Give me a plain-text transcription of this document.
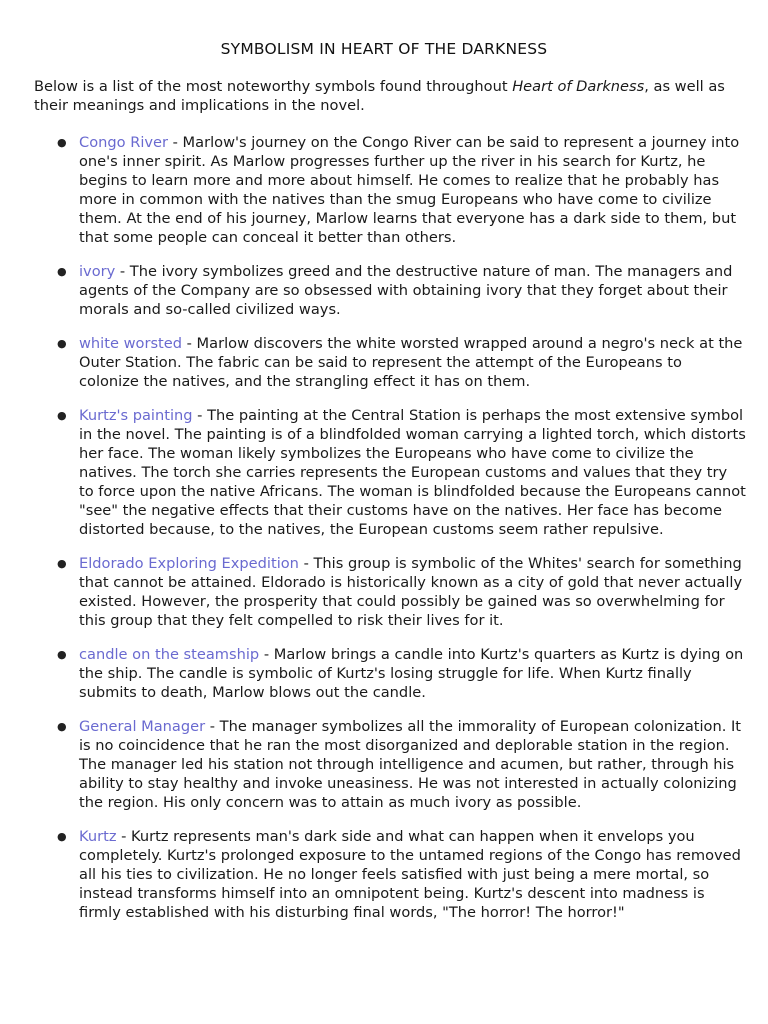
SYMBOLISM IN HEART OF THE DARKNESS

Below is a list of the most noteworthy symbols found throughout Heart of Darkness, as well as their meanings and implications in the novel.

● Congo River - Marlow's journey on the Congo River can be said to represent a journey into one's inner spirit. As Marlow progresses further up the river in his search for Kurtz, he begins to learn more and more about himself. He comes to realize that he probably has more in common with the natives than the smug Europeans who have come to civilize them. At the end of his journey, Marlow learns that everyone has a dark side to them, but that some people can conceal it better than others.
● ivory - The ivory symbolizes greed and the destructive nature of man. The managers and agents of the Company are so obsessed with obtaining ivory that they forget about their morals and so-called civilized ways.
● white worsted - Marlow discovers the white worsted wrapped around a negro's neck at the Outer Station. The fabric can be said to represent the attempt of the Europeans to colonize the natives, and the strangling effect it has on them.
● Kurtz's painting - The painting at the Central Station is perhaps the most extensive symbol in the novel. The painting is of a blindfolded woman carrying a lighted torch, which distorts her face. The woman likely symbolizes the Europeans who have come to civilize the natives. The torch she carries represents the European customs and values that they try to force upon the native Africans. The woman is blindfolded because the Europeans cannot "see" the negative effects that their customs have on the natives. Her face has become distorted because, to the natives, the European customs seem rather repulsive.
● Eldorado Exploring Expedition - This group is symbolic of the Whites' search for something that cannot be attained. Eldorado is historically known as a city of gold that never actually existed. However, the prosperity that could possibly be gained was so overwhelming for this group that they felt compelled to risk their lives for it.
● candle on the steamship - Marlow brings a candle into Kurtz's quarters as Kurtz is dying on the ship. The candle is symbolic of Kurtz's losing struggle for life. When Kurtz finally submits to death, Marlow blows out the candle.
● General Manager - The manager symbolizes all the immorality of European colonization. It is no coincidence that he ran the most disorganized and deplorable station in the region. The manager led his station not through intelligence and acumen, but rather, through his ability to stay healthy and invoke uneasiness. He was not interested in actually colonizing the region. His only concern was to attain as much ivory as possible.
● Kurtz - Kurtz represents man's dark side and what can happen when it envelops you completely. Kurtz's prolonged exposure to the untamed regions of the Congo has removed all his ties to civilization. He no longer feels satisfied with just being a mere mortal, so instead transforms himself into an omnipotent being. Kurtz's descent into madness is firmly established with his disturbing final words, "The horror! The horror!"
